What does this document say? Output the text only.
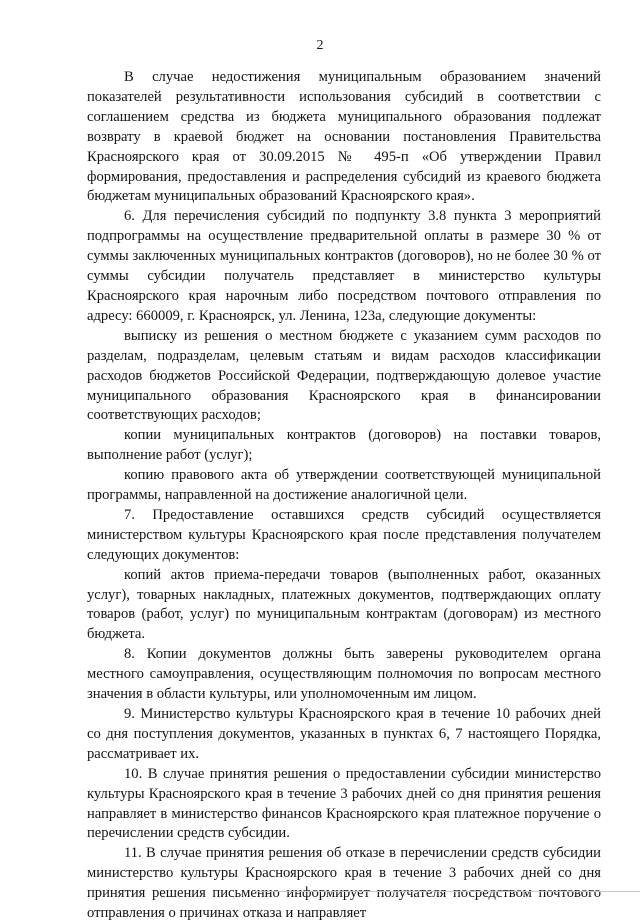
2

В случае недостижения муниципальным образованием значений показателей результативности использования субсидий в соответствии с соглашением средства из бюджета муниципального образования подлежат возврату в краевой бюджет на основании постановления Правительства Красноярского края от 30.09.2015 № 495-п «Об утверждении Правил формирования, предоставления и распределения субсидий из краевого бюджета бюджетам муниципальных образований Красноярского края».

6. Для перечисления субсидий по подпункту 3.8 пункта 3 мероприятий подпрограммы на осуществление предварительной оплаты в размере 30 % от суммы заключенных муниципальных контрактов (договоров), но не более 30 % от суммы субсидии получатель представляет в министерство культуры Красноярского края нарочным либо посредством почтового отправления по адресу: 660009, г. Красноярск, ул. Ленина, 123а, следующие документы:

выписку из решения о местном бюджете с указанием сумм расходов по разделам, подразделам, целевым статьям и видам расходов классификации расходов бюджетов Российской Федерации, подтверждающую долевое участие муниципального образования Красноярского края в финансировании соответствующих расходов;

копии муниципальных контрактов (договоров) на поставки товаров, выполнение работ (услуг);

копию правового акта об утверждении соответствующей муниципальной программы, направленной на достижение аналогичной цели.

7. Предоставление оставшихся средств субсидий осуществляется министерством культуры Красноярского края после представления получателем следующих документов:

копий актов приема-передачи товаров (выполненных работ, оказанных услуг), товарных накладных, платежных документов, подтверждающих оплату товаров (работ, услуг) по муниципальным контрактам (договорам) из местного бюджета.

8. Копии документов должны быть заверены руководителем органа местного самоуправления, осуществляющим полномочия по вопросам местного значения в области культуры, или уполномоченным им лицом.

9. Министерство культуры Красноярского края в течение 10 рабочих дней со дня поступления документов, указанных в пунктах 6, 7 настоящего Порядка, рассматривает их.

10. В случае принятия решения о предоставлении субсидии министерство культуры Красноярского края в течение 3 рабочих дней со дня принятия решения направляет в министерство финансов Красноярского края платежное поручение о перечислении средств субсидии.

11. В случае принятия решения об отказе в перечислении средств субсидии министерство культуры Красноярского края в течение 3 рабочих дней со дня принятия решения письменно информирует получателя посредством почтового отправления о причинах отказа и направляет
